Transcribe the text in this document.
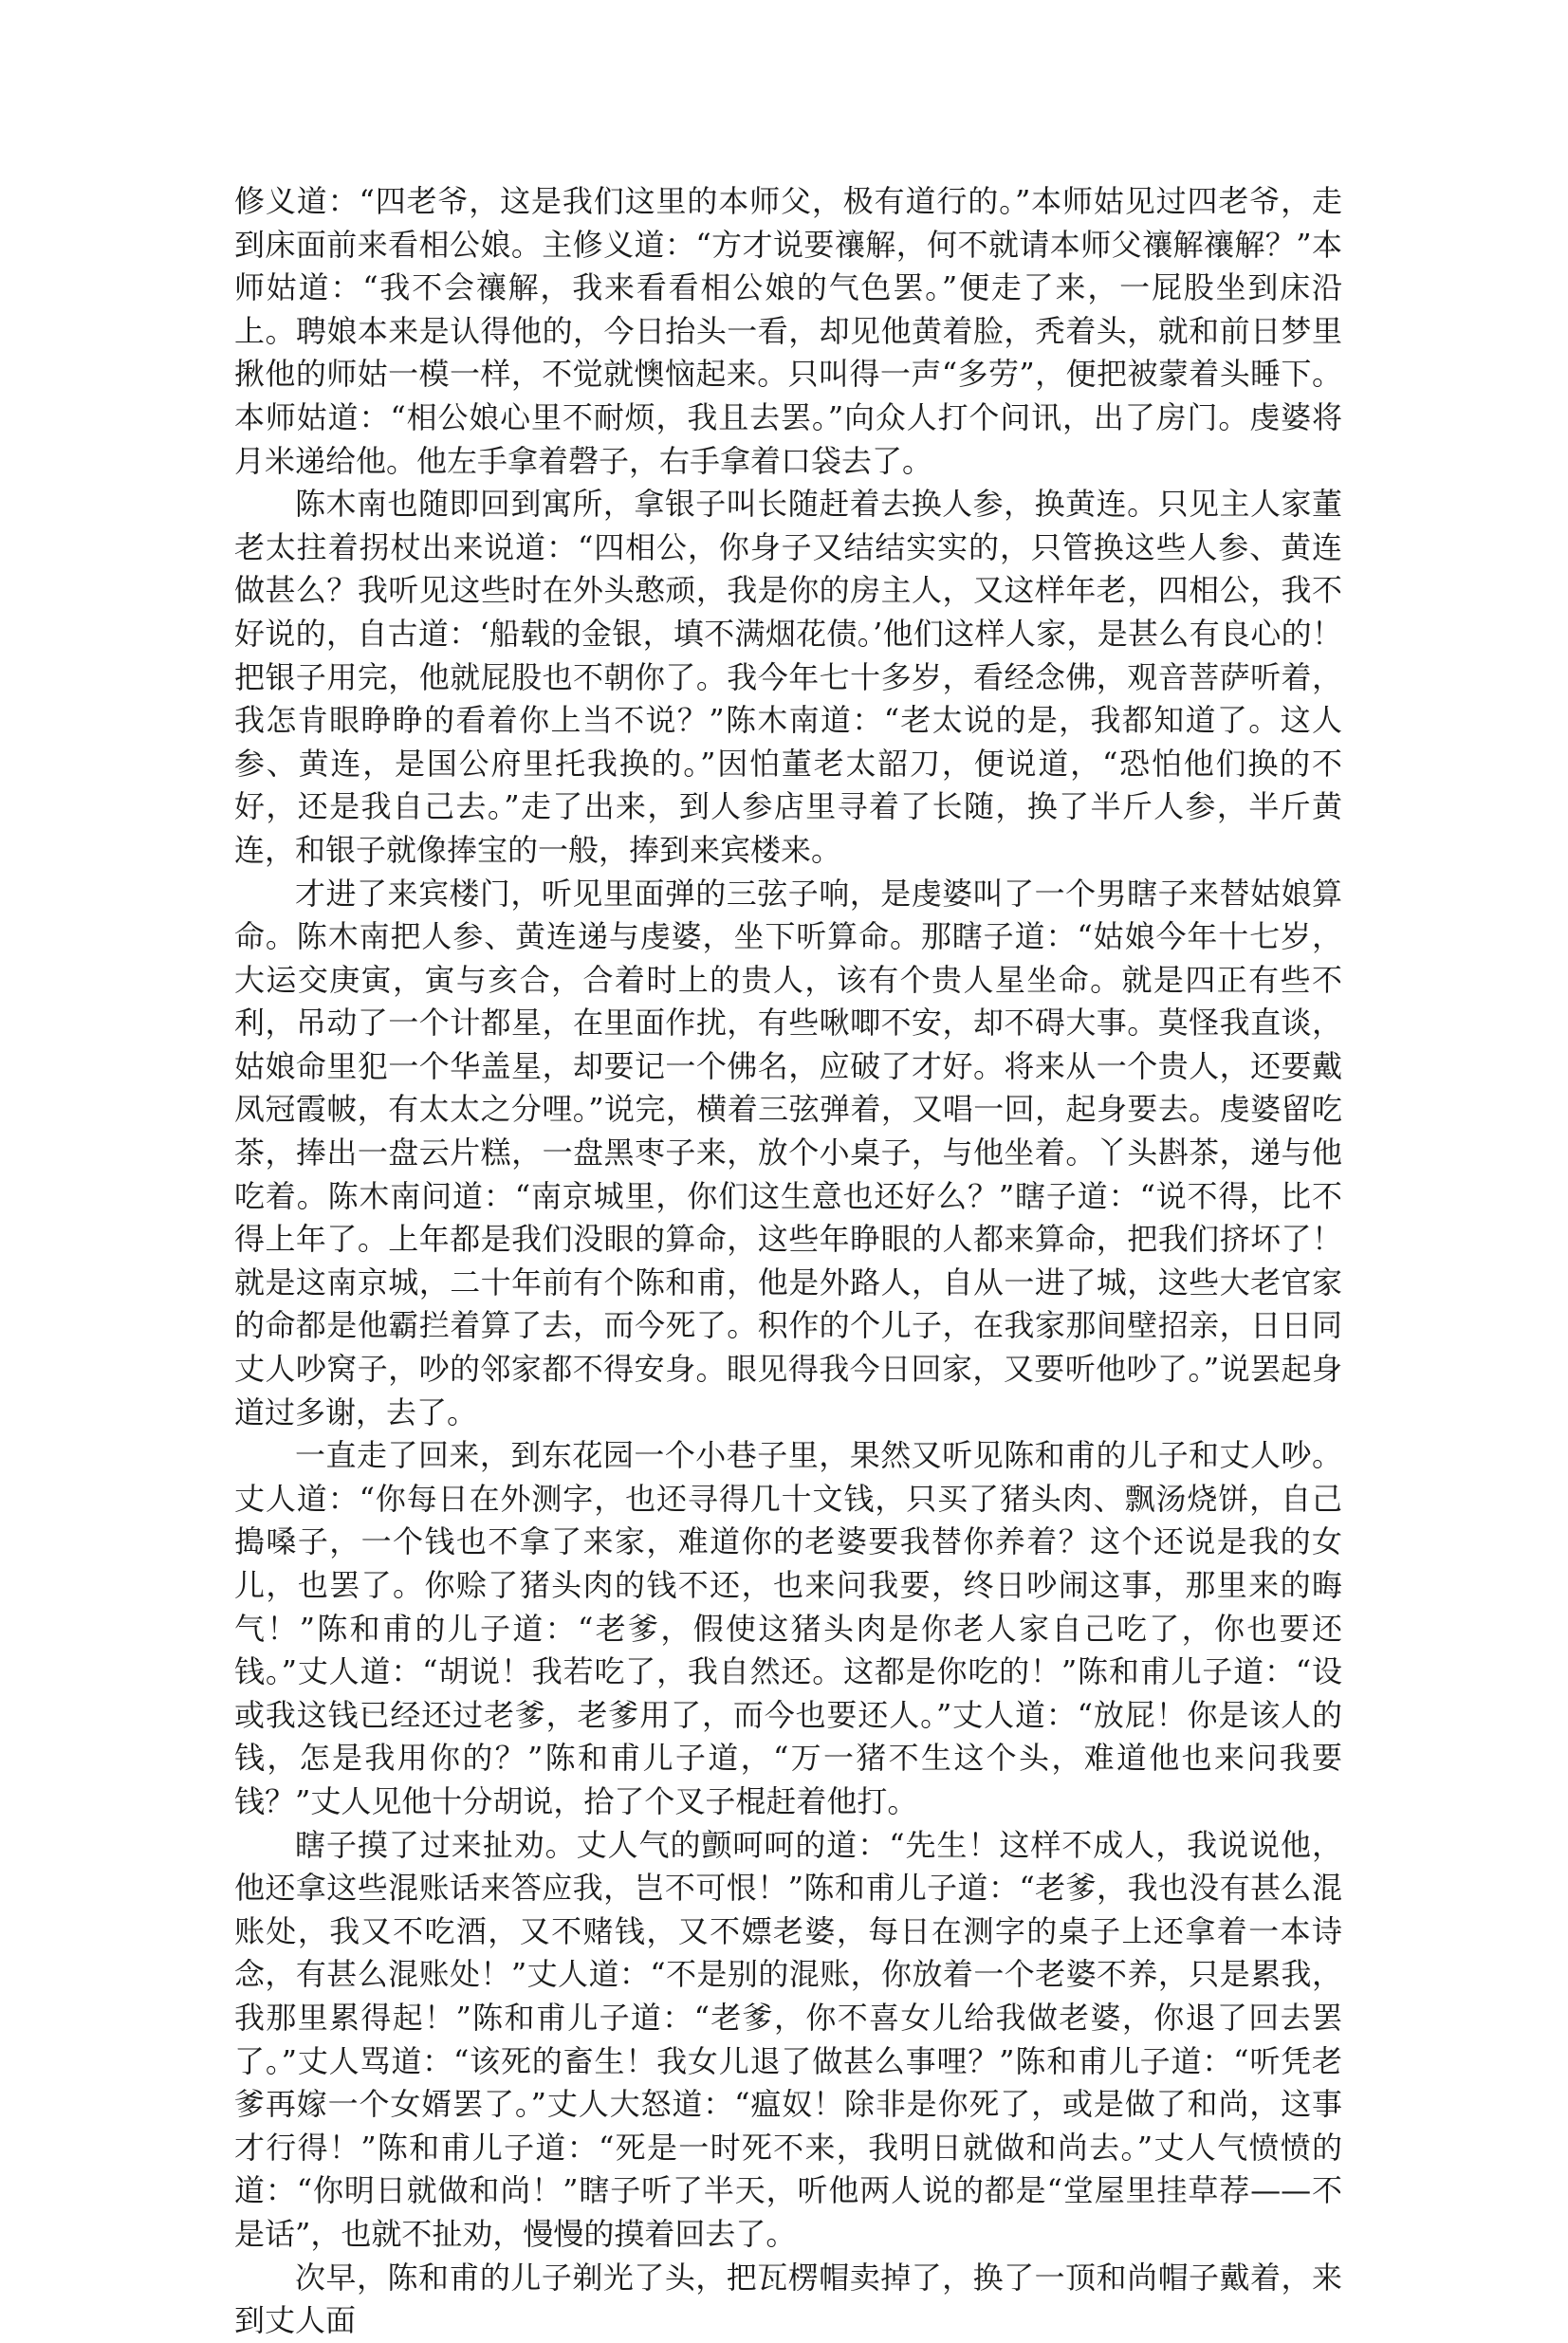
修义道：“四老爷，这是我们这里的本师父，极有道行的。”本师姑见过四老爷，走到床面前来看相公娘。主修义道：“方才说要禳解，何不就请本师父禳解禳解？”本师姑道：“我不会禳解，我来看看相公娘的气色罢。”便走了来，一屁股坐到床沿上。聘娘本来是认得他的，今日抬头一看，却见他黄着脸，秃着头，就和前日梦里揪他的师姑一模一样，不觉就懊恼起来。只叫得一声“多劳”，便把被蒙着头睡下。本师姑道：“相公娘心里不耐烦，我且去罢。”向众人打个问讯，出了房门。虔婆将月米递给他。他左手拿着磬子，右手拿着口袋去了。

陈木南也随即回到寓所，拿银子叫长随赶着去换人参，换黄连。只见主人家董老太拄着拐杖出来说道：“四相公，你身子又结结实实的，只管换这些人参、黄连做甚么？我听见这些时在外头憨顽，我是你的房主人，又这样年老，四相公，我不好说的，自古道：‘船载的金银，填不满烟花债。’他们这样人家，是甚么有良心的！把银子用完，他就屁股也不朝你了。我今年七十多岁，看经念佛，观音菩萨听着，我怎肯眼睁睁的看着你上当不说？”陈木南道：“老太说的是，我都知道了。这人参、黄连，是国公府里托我换的。”因怕董老太韶刀，便说道，“恐怕他们换的不好，还是我自己去。”走了出来，到人参店里寻着了长随，换了半斤人参，半斤黄连，和银子就像捧宝的一般，捧到来宾楼来。

才进了来宾楼门，听见里面弹的三弦子响，是虔婆叫了一个男瞎子来替姑娘算命。陈木南把人参、黄连递与虔婆，坐下听算命。那瞎子道：“姑娘今年十七岁，大运交庚寅，寅与亥合，合着时上的贵人，该有个贵人星坐命。就是四正有些不利，吊动了一个计都星，在里面作扰，有些啾唧不安，却不碍大事。莫怪我直谈，姑娘命里犯一个华盖星，却要记一个佛名，应破了才好。将来从一个贵人，还要戴凤冠霞帔，有太太之分哩。”说完，横着三弦弹着，又唱一回，起身要去。虔婆留吃茶，捧出一盘云片糕，一盘黑枣子来，放个小桌子，与他坐着。丫头斟茶，递与他吃着。陈木南问道：“南京城里，你们这生意也还好么？”瞎子道：“说不得，比不得上年了。上年都是我们没眼的算命，这些年睁眼的人都来算命，把我们挤坏了！就是这南京城，二十年前有个陈和甫，他是外路人，自从一进了城，这些大老官家的命都是他霸拦着算了去，而今死了。积作的个儿子，在我家那间壁招亲，日日同丈人吵窝子，吵的邻家都不得安身。眼见得我今日回家，又要听他吵了。”说罢起身道过多谢，去了。

一直走了回来，到东花园一个小巷子里，果然又听见陈和甫的儿子和丈人吵。丈人道：“你每日在外测字，也还寻得几十文钱，只买了猪头肉、飘汤烧饼，自己搗嗓子，一个钱也不拿了来家，难道你的老婆要我替你养着？这个还说是我的女儿，也罢了。你赊了猪头肉的钱不还，也来问我要，终日吵闹这事，那里来的晦气！”陈和甫的儿子道：“老爹，假使这猪头肉是你老人家自己吃了，你也要还钱。”丈人道：“胡说！我若吃了，我自然还。这都是你吃的！”陈和甫儿子道：“设或我这钱已经还过老爹，老爹用了，而今也要还人。”丈人道：“放屁！你是该人的钱，怎是我用你的？”陈和甫儿子道，“万一猪不生这个头，难道他也来问我要钱？”丈人见他十分胡说，拾了个叉子棍赶着他打。

瞎子摸了过来扯劝。丈人气的颤呵呵的道：“先生！这样不成人，我说说他，他还拿这些混账话来答应我，岂不可恨！”陈和甫儿子道：“老爹，我也没有甚么混账处，我又不吃酒，又不赌钱，又不嫖老婆，每日在测字的桌子上还拿着一本诗念，有甚么混账处！”丈人道：“不是别的混账，你放着一个老婆不养，只是累我，我那里累得起！”陈和甫儿子道：“老爹，你不喜女儿给我做老婆，你退了回去罢了。”丈人骂道：“该死的畜生！我女儿退了做甚么事哩？”陈和甫儿子道：“听凭老爹再嫁一个女婿罢了。”丈人大怒道：“瘟奴！除非是你死了，或是做了和尚，这事才行得！”陈和甫儿子道：“死是一时死不来，我明日就做和尚去。”丈人气愤愤的道：“你明日就做和尚！”瞎子听了半天，听他两人说的都是“堂屋里挂草荐——不是话”，也就不扯劝，慢慢的摸着回去了。

次早，陈和甫的儿子剃光了头，把瓦楞帽卖掉了，换了一顶和尚帽子戴着，来到丈人面
